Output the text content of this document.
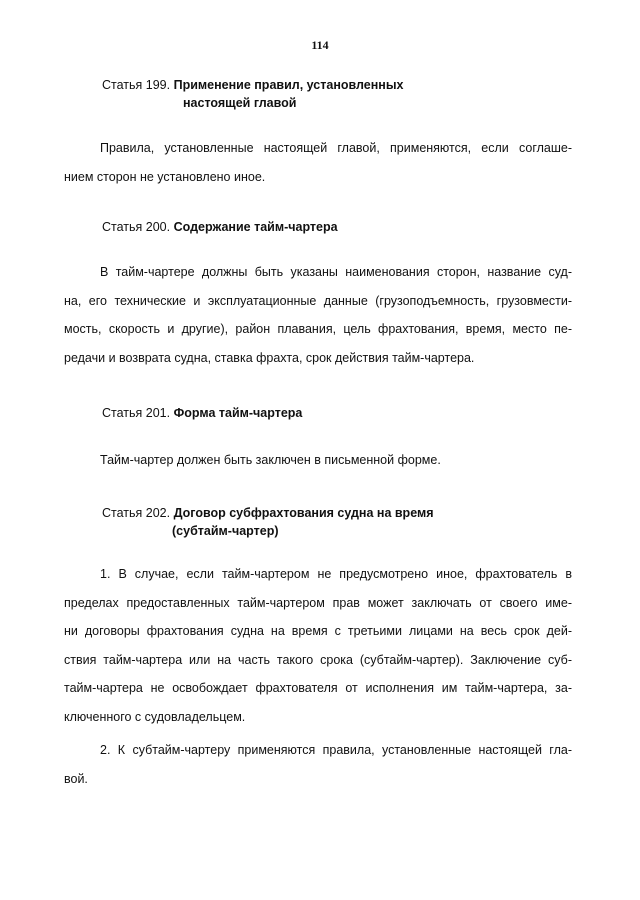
114
Статья 199. Применение правил, установленных
настоящей главой
Правила, установленные настоящей главой, применяются, если соглаше-
нием сторон не установлено иное.
Статья 200. Содержание тайм-чартера
В тайм-чартере должны быть указаны наименования сторон, название суд-
на, его технические и эксплуатационные данные (грузоподъемность, грузовмести-
мость, скорость и другие), район плавания, цель фрахтования, время, место пе-
редачи и возврата судна, ставка фрахта, срок действия тайм-чартера.
Статья 201. Форма тайм-чартера
Тайм-чартер должен быть заключен в письменной форме.
Статья 202. Договор субфрахтования судна на время
(субтайм-чартер)
1. В случае, если тайм-чартером не предусмотрено иное, фрахтователь в
пределах предоставленных тайм-чартером прав может заключать от своего име-
ни договоры фрахтования судна на время с третьими лицами на весь срок дей-
ствия тайм-чартера или на часть такого срока (субтайм-чартер). Заключение суб-
тайм-чартера не освобождает фрахтователя от исполнения им тайм-чартера, за-
ключенного с судовладельцем.
2. К субтайм-чартеру применяются правила, установленные настоящей гла-
вой.
